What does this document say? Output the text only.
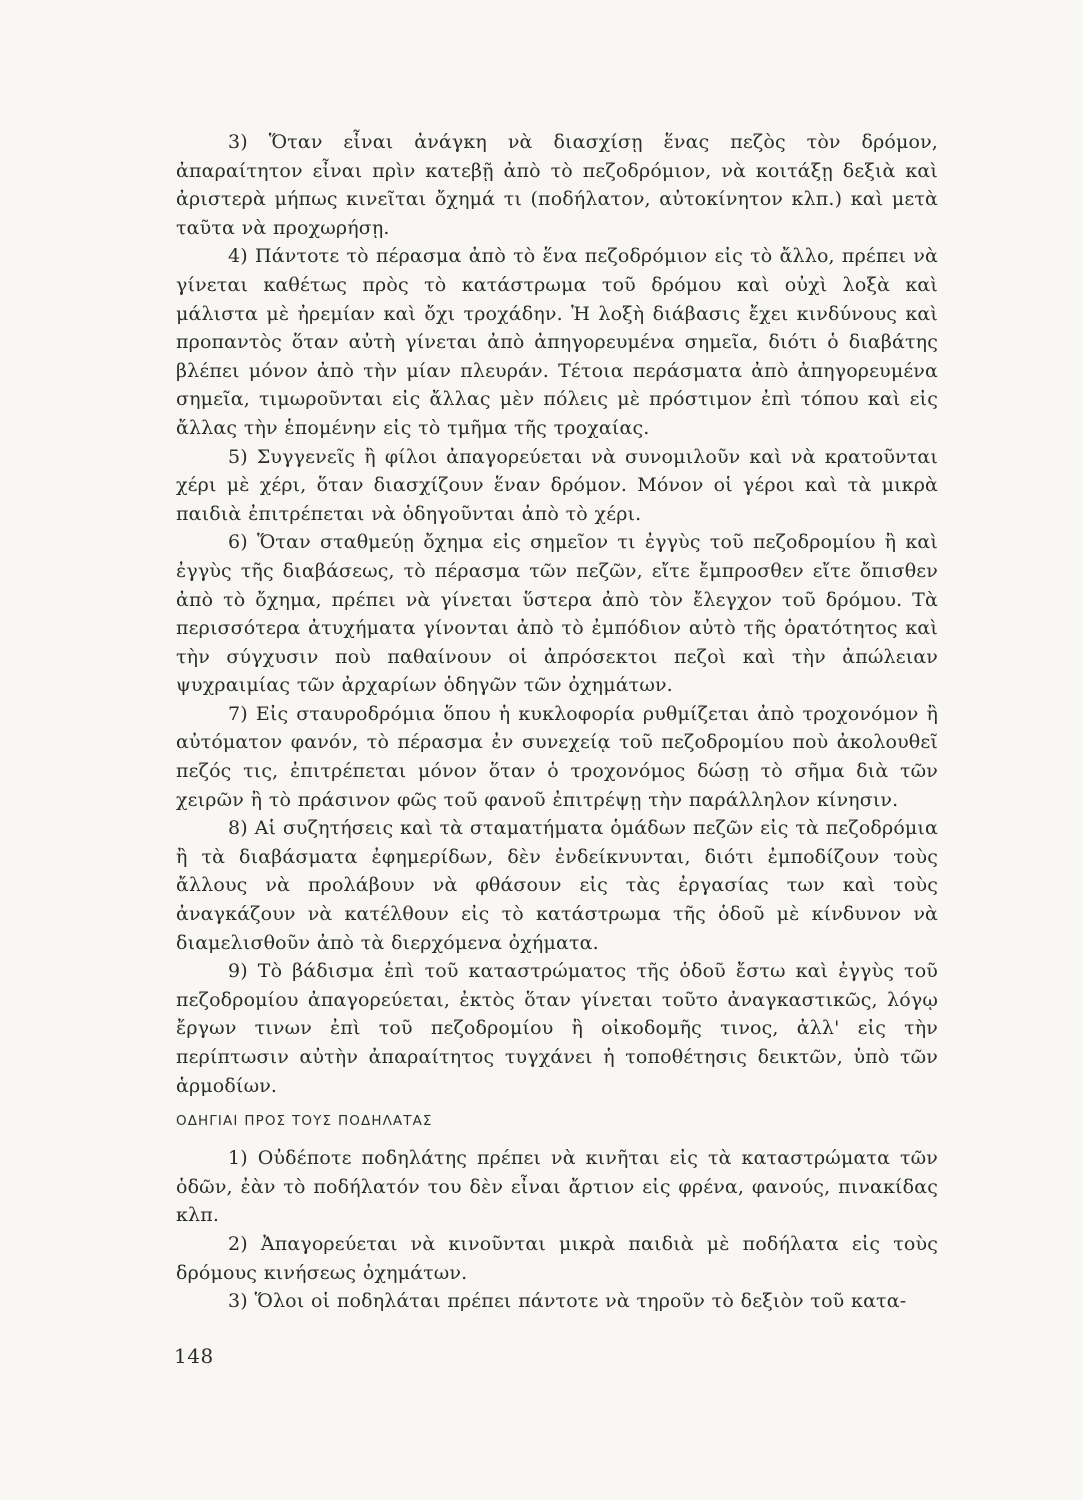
3) Ὅταν εἶναι ἀνάγκη νὰ διασχίσῃ ἕνας πεζὸς τὸν δρόμον, ἀπαραίτητον εἶναι πρὶν κατεβῇ ἀπὸ τὸ πεζοδρόμιον, νὰ κοιτάξῃ δεξιὰ καὶ ἀριστερὰ μήπως κινεῖται ὄχημά τι (ποδήλατον, αὐτοκίνητον κλπ.) καὶ μετὰ ταῦτα νὰ προχωρήσῃ.

4) Πάντοτε τὸ πέρασμα ἀπὸ τὸ ἕνα πεζοδρόμιον εἰς τὸ ἄλλο, πρέπει νὰ γίνεται καθέτως πρὸς τὸ κατάστρωμα τοῦ δρόμου καὶ οὐχὶ λοξὰ καὶ μάλιστα μὲ ἠρεμίαν καὶ ὄχι τροχάδην. Ἡ λοξὴ διάβασις ἔχει κινδύνους καὶ προπαντὸς ὅταν αὐτὴ γίνεται ἀπὸ ἀπηγορευμένα σημεῖα, διότι ὁ διαβάτης βλέπει μόνον ἀπὸ τὴν μίαν πλευράν. Τέτοια περάσματα ἀπὸ ἀπηγορευμένα σημεῖα, τιμωροῦνται εἰς ἄλλας μὲν πόλεις μὲ πρόστιμον ἐπὶ τόπου καὶ εἰς ἄλλας τὴν ἑπομένην εἰς τὸ τμῆμα τῆς τροχαίας.

5) Συγγενεῖς ἢ φίλοι ἀπαγορεύεται νὰ συνομιλοῦν καὶ νὰ κρατοῦνται χέρι μὲ χέρι, ὅταν διασχίζουν ἕναν δρόμον. Μόνον οἱ γέροι καὶ τὰ μικρὰ παιδιὰ ἐπιτρέπεται νὰ ὁδηγοῦνται ἀπὸ τὸ χέρι.

6) Ὅταν σταθμεύῃ ὄχημα εἰς σημεῖον τι ἐγγὺς τοῦ πεζοδρομίου ἢ καὶ ἐγγὺς τῆς διαβάσεως, τὸ πέρασμα τῶν πεζῶν, εἴτε ἔμπροσθεν εἴτε ὄπισθεν ἀπὸ τὸ ὄχημα, πρέπει νὰ γίνεται ὕστερα ἀπὸ τὸν ἔλεγχον τοῦ δρόμου. Τὰ περισσότερα ἀτυχήματα γίνονται ἀπὸ τὸ ἐμπόδιον αὐτὸ τῆς ὁρατότητος καὶ τὴν σύγχυσιν ποὺ παθαίνουν οἱ ἀπρόσεκτοι πεζοὶ καὶ τὴν ἀπώλειαν ψυχραιμίας τῶν ἀρχαρίων ὁδηγῶν τῶν ὀχημάτων.

7) Εἰς σταυροδρόμια ὅπου ἡ κυκλοφορία ρυθμίζεται ἀπὸ τροχονόμον ἢ αὐτόματον φανόν, τὸ πέρασμα ἐν συνεχείᾳ τοῦ πεζοδρομίου ποὺ ἀκολουθεῖ πεζός τις, ἐπιτρέπεται μόνον ὅταν ὁ τροχονόμος δώσῃ τὸ σῆμα διὰ τῶν χειρῶν ἢ τὸ πράσινον φῶς τοῦ φανοῦ ἐπιτρέψῃ τὴν παράλληλον κίνησιν.

8) Αἱ συζητήσεις καὶ τὰ σταματήματα ὁμάδων πεζῶν εἰς τὰ πεζοδρόμια ἢ τὰ διαβάσματα ἐφημερίδων, δὲν ἐνδείκνυνται, διότι ἐμποδίζουν τοὺς ἄλλους νὰ προλάβουν νὰ φθάσουν εἰς τὰς ἐργασίας των καὶ τοὺς ἀναγκάζουν νὰ κατέλθουν εἰς τὸ κατάστρωμα τῆς ὁδοῦ μὲ κίνδυνον νὰ διαμελισθοῦν ἀπὸ τὰ διερχόμενα ὀχήματα.

9) Τὸ βάδισμα ἐπὶ τοῦ καταστρώματος τῆς ὁδοῦ ἔστω καὶ ἐγγὺς τοῦ πεζοδρομίου ἀπαγορεύεται, ἐκτὸς ὅταν γίνεται τοῦτο ἀναγκαστικῶς, λόγῳ ἔργων τινων ἐπὶ τοῦ πεζοδρομίου ἢ οἰκοδομῆς τινος, ἀλλ' εἰς τὴν περίπτωσιν αὐτὴν ἀπαραίτητος τυγχάνει ἡ τοποθέτησις δεικτῶν, ὑπὸ τῶν ἁρμοδίων.

ΟΔΗΓΙΑΙ ΠΡΟΣ ΤΟΥΣ ΠΟΔΗΛΑΤΑΣ

1) Οὐδέποτε ποδηλάτης πρέπει νὰ κινῆται εἰς τὰ καταστρώματα τῶν ὁδῶν, ἐὰν τὸ ποδήλατόν του δὲν εἶναι ἄρτιον εἰς φρένα, φανούς, πινακίδας κλπ.

2) Ἀπαγορεύεται νὰ κινοῦνται μικρὰ παιδιὰ μὲ ποδήλατα εἰς τοὺς δρόμους κινήσεως ὀχημάτων.

3) Ὅλοι οἱ ποδηλάται πρέπει πάντοτε νὰ τηροῦν τὸ δεξιὸν τοῦ κατα-

148
